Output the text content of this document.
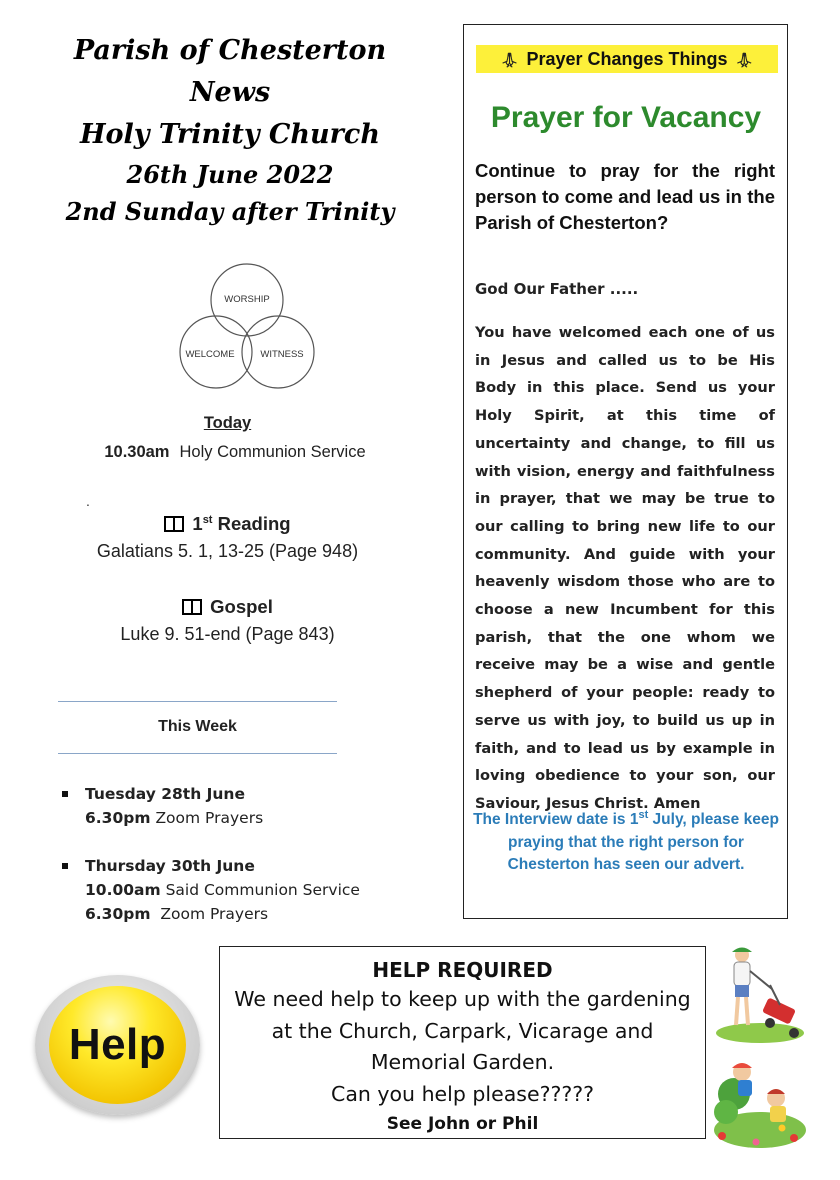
Parish of Chesterton
News
Holy Trinity Church
26th June 2022
2nd Sunday after Trinity
WORSHIP
WELCOME	WITNESS
Today
10.30am Holy Communion Service
.
1st Reading
Galatians 5. 1, 13-25 (Page 948)
Gospel
Luke 9. 51-end (Page 843)
This Week
Tuesday 28th June
6.30pm Zoom Prayers
Thursday 30th June
10.00am Said Communion Service
6.30pm Zoom Prayers
🙏︎ Prayer Changes Things 🙏︎
Prayer for Vacancy
Continue to pray for the right person to come and lead us in the Parish of Chesterton?
God Our Father .....
You have welcomed each one of us in Jesus and called us to be His Body in this place. Send us your Holy Spirit, at this time of uncertainty and change, to fill us with vision, energy and faithfulness in prayer, that we may be true to our calling to bring new life to our community. And guide with your heavenly wisdom those who are to choose a new Incumbent for this parish, that the one whom we receive may be a wise and gentle shepherd of your people: ready to serve us with joy, to build us up in faith, and to lead us by example in loving obedience to your son, our Saviour, Jesus Christ. Amen
The Interview date is 1st July, please keep praying that the right person for Chesterton has seen our advert.
Help
HELP REQUIRED
We need help to keep up with the gardening
at the Church, Carpark, Vicarage and
Memorial Garden.
Can you help please?????
See John or Phil
